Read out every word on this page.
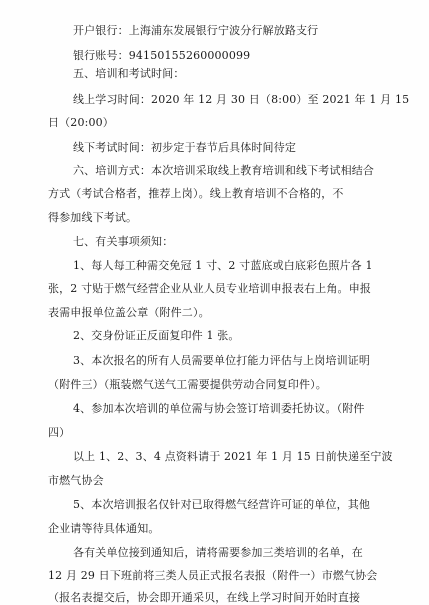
开户银行：上海浦东发展银行宁波分行解放路支行
银行账号：94150155260000099
五、培训和考试时间：
线上学习时间：2020 年 12 月 30 日（8:00）至 2021 年 1 月 15
日（20:00）
线下考试时间：初步定于春节后具体时间待定
六、培训方式：本次培训采取线上教育培训和线下考试相结合
方式（考试合格者，推荐上岗）。线上教育培训不合格的，不
得参加线下考试。
七、有关事项须知：
1、每人每工种需交免冠 1 寸、2 寸蓝底或白底彩色照片各 1
张，2 寸贴于燃气经营企业从业人员专业培训申报表右上角。申报
表需申报单位盖公章（附件二）。
2、交身份证正反面复印件 1 张。
3、本次报名的所有人员需要单位打能力评估与上岗培训证明
（附件三）（瓶装燃气送气工需要提供劳动合同复印件）。
4、参加本次培训的单位需与协会签订培训委托协议。（附件
四）
以上 1、2、3、4 点资料请于 2021 年 1 月 15 日前快递至宁波
市燃气协会
5、本次培训报名仅针对已取得燃气经营许可证的单位，其他
企业请等待具体通知。
各有关单位接到通知后，请将需要参加三类培训的名单，在
12 月 29 日下班前将三类人员正式报名表报（附件一）市燃气协会
（报名表提交后，协会即开通采贝，在线上学习时间开始时直接
